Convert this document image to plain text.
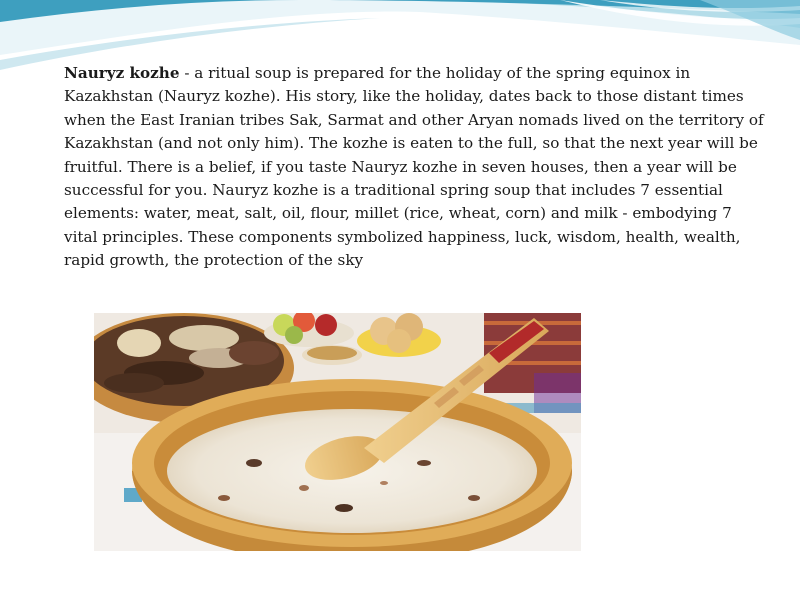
Nauryz kozhe - a ritual soup is prepared for the holiday of the spring equinox in Kazakhstan (Nauryz kozhe). His story, like the holiday, dates back to those distant times when the East Iranian tribes Sak, Sarmat and other Aryan nomads lived on the territory of Kazakhstan (and not only him). The kozhe is eaten to the full, so that the next year will be fruitful. There is a belief, if you taste Nauryz kozhe in seven houses, then a year will be successful for you. Nauryz kozhe is a traditional spring soup that includes 7 essential elements: water, meat, salt, oil, flour, millet (rice, wheat, corn) and milk - embodying 7 vital principles. These components symbolized happiness, luck, wisdom, health, wealth, rapid growth, the protection of the sky
